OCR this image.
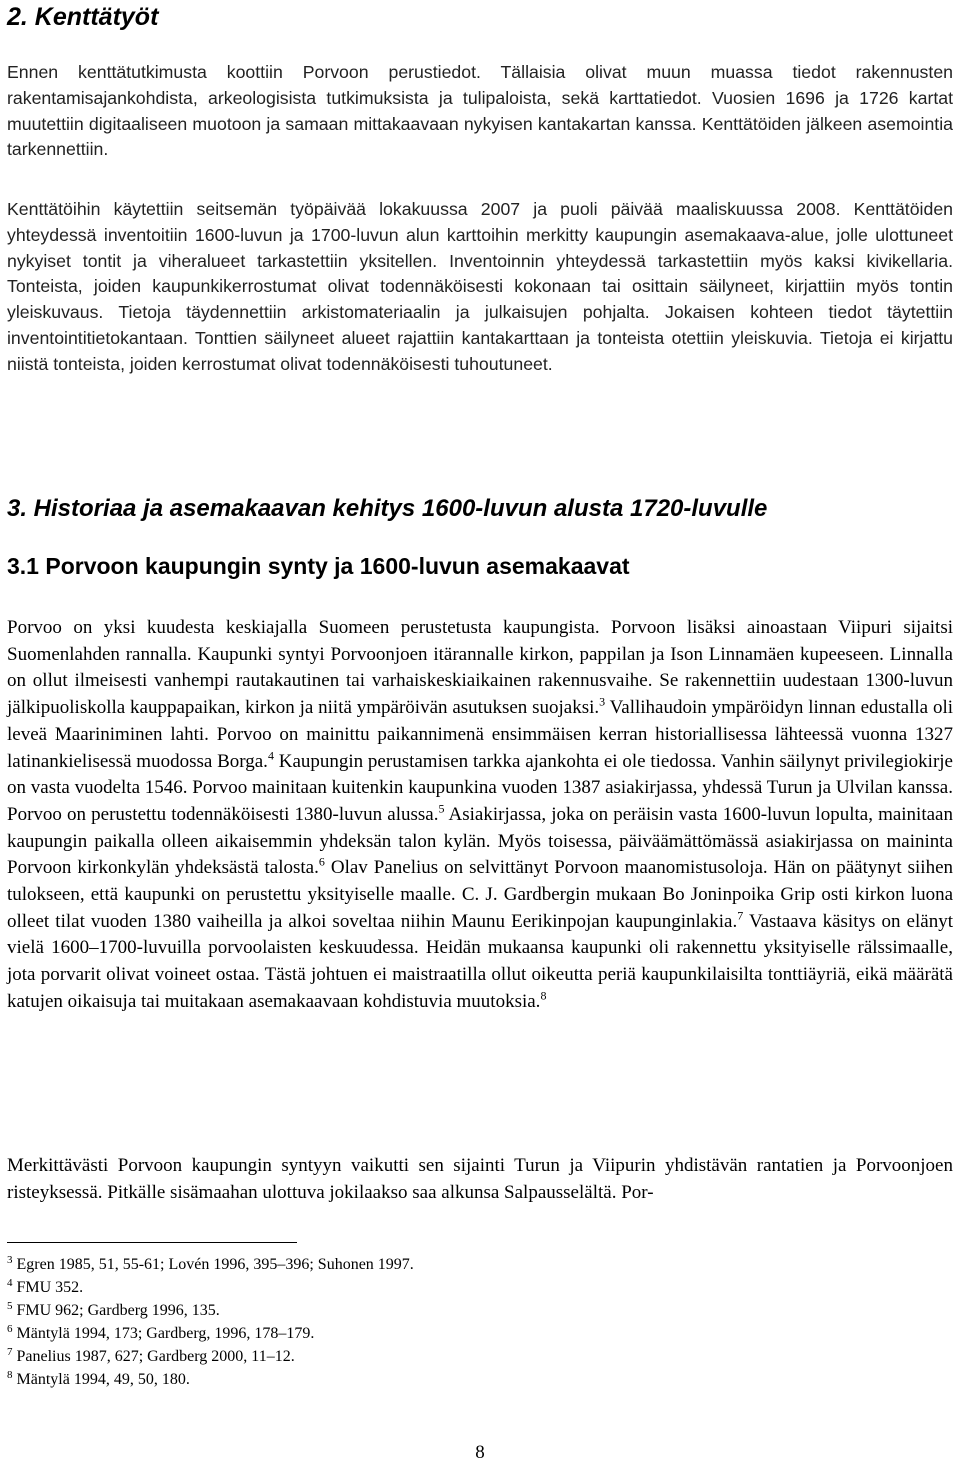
2. Kenttätyöt

Ennen kenttätutkimusta koottiin Porvoon perustiedot. Tällaisia olivat muun muassa tiedot rakennusten rakentamisajankohdista, arkeologisista tutkimuksista ja tulipaloista, sekä karttatiedot. Vuosien 1696 ja 1726 kartat muutettiin digitaaliseen muotoon ja samaan mittakaavaan nykyisen kantakartan kanssa. Kenttätöiden jälkeen asemointia tarkennettiin.

Kenttätöihin käytettiin seitsemän työpäivää lokakuussa 2007 ja puoli päivää maaliskuussa 2008. Kenttätöiden yhteydessä inventoitiin 1600-luvun ja 1700-luvun alun karttoihin merkitty kaupungin asemakaava-alue, jolle ulottuneet nykyiset tontit ja viheralueet tarkastettiin yksitellen. Inventoinnin yhteydessä tarkastettiin myös kaksi kivikellaria. Tonteista, joiden kaupunkikerrostumat olivat todennäköisesti kokonaan tai osittain säilyneet, kirjattiin myös tontin yleiskuvaus. Tietoja täydennettiin arkistomateriaalin ja julkaisujen pohjalta. Jokaisen kohteen tiedot täytettiin inventointitietokantaan. Tonttien säilyneet alueet rajattiin kantakarttaan ja tonteista otettiin yleiskuvia. Tietoja ei kirjattu niistä tonteista, joiden kerrostumat olivat todennäköisesti tuhoutuneet.

3. Historiaa ja asemakaavan kehitys 1600-luvun alusta 1720-luvulle
3.1 Porvoon kaupungin synty ja 1600-luvun asemakaavat

Porvoo on yksi kuudesta keskiajalla Suomeen perustetusta kaupungista. Porvoon lisäksi ainoastaan Viipuri sijaitsi Suomenlahden rannalla. Kaupunki syntyi Porvoonjoen itärannalle kirkon, pappilan ja Ison Linnamäen kupeeseen. Linnalla on ollut ilmeisesti vanhempi rautakautinen tai varhaiskeskiaikainen rakennusvaihe. Se rakennettiin uudestaan 1300-luvun jälkipuoliskolla kauppapaikan, kirkon ja niitä ympäröivän asutuksen suojaksi.$^3$ Vallihaudoin ympäröidyn linnan edustalla oli leveä Maariniminen lahti. Porvoo on mainittu paikannimenä ensimmäisen kerran historiallisessa lähteessä vuonna 1327 latinankielisessä muodossa Borga.$^4$ Kaupungin perustamisen tarkka ajankohta ei ole tiedossa. Vanhin säilynyt privilegiokirje on vasta vuodelta 1546. Porvoo mainitaan kuitenkin kaupunkina vuoden 1387 asiakirjassa, yhdessä Turun ja Ulvilan kanssa. Porvoo on perustettu todennäköisesti 1380-luvun alussa.$^5$ Asiakirjassa, joka on peräisin vasta 1600-luvun lopulta, mainitaan kaupungin paikalla olleen aikaisemmin yhdeksän talon kylän. Myös toisessa, päiväämättömässä asiakirjassa on maininta Porvoon kirkonkylän yhdeksästä talosta.$^6$ Olav Panelius on selvittänyt Porvoon maanomistusoloja. Hän on päätynyt siihen tulokseen, että kaupunki on perustettu yksityiselle maalle. C. J. Gardbergin mukaan Bo Joninpoika Grip osti kirkon luona olleet tilat vuoden 1380 vaiheilla ja alkoi soveltaa niihin Maunu Eerikinpojan kaupunginlakia.$^7$ Vastaava käsitys on elänyt vielä 1600–1700-luvuilla porvoolaisten keskuudessa. Heidän mukaansa kaupunki oli rakennettu yksityiselle rälssimaalle, jota porvarit olivat voineet ostaa. Tästä johtuen ei maistraatilla ollut oikeutta periä kaupunkilaisilta tonttiäyriä, eikä määrätä katujen oikaisuja tai muitakaan asemakaavaan kohdistuvia muutoksia.$^8$

Merkittävästi Porvoon kaupungin syntyyn vaikutti sen sijainti Turun ja Viipurin yhdistävän rantatien ja Porvoonjoen risteyksessä. Pitkälle sisämaahan ulottuva jokilaakso saa alkunsa Salpausselältä. Por-

$^3$ Egren 1985, 51, 55-61; Lovén 1996, 395–396; Suhonen 1997.
$^4$ FMU 352.
$^5$ FMU 962; Gardberg 1996, 135.
$^6$ Mäntylä 1994, 173; Gardberg, 1996, 178–179.
$^7$ Panelius 1987, 627; Gardberg 2000, 11–12.
$^8$ Mäntylä 1994, 49, 50, 180.
8
